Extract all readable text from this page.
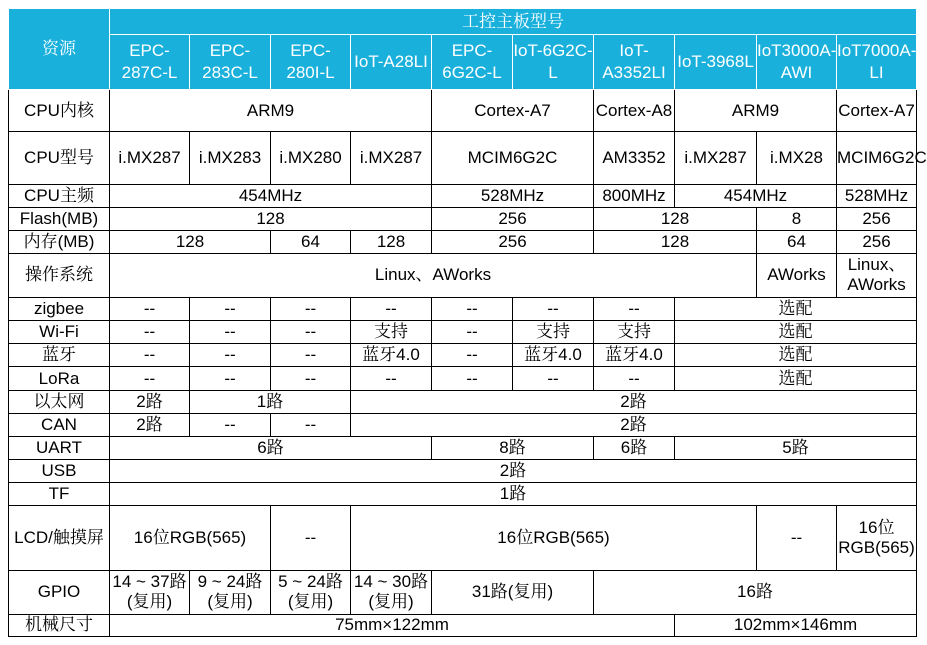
资源	工控主板型号									
	EPC-287C-L	EPC-283C-L	EPC-280I-L	IoT-A28LI	EPC-6G2C-L	IoT-6G2C-L	IoT-A3352LI	IoT-3968L	IoT3000A-AWI	IoT7000A-LI
CPU内核	ARM9				Cortex-A7		Cortex-A8	ARM9		Cortex-A7
CPU型号	i.MX287	i.MX283	i.MX280	i.MX287	MCIM6G2C		AM3352	i.MX287	i.MX28	MCIM6G2C
CPU主频	454MHz				528MHz		800MHz	454MHz		528MHz
Flash(MB)	128				256		128		8	256
内存(MB)	128		64	128	256		128		64	256
操作系统	Linux、AWorks								AWorks	Linux、AWorks
zigbee	--	--	--	--	--	--	--	选配		
Wi-Fi	--	--	--	支持	--	支持	支持	选配		
蓝牙	--	--	--	蓝牙4.0	--	蓝牙4.0	蓝牙4.0	选配		
LoRa	--	--	--	--	--	--	--	选配		
以太网	2路	1路		2路						
CAN	2路	--	--	2路						
UART	6路				8路		6路	5路		
USB	2路									
TF	1路									
LCD/触摸屏	16位RGB(565)		--	16位RGB(565)					--	16位RGB(565)
GPIO	14 ~ 37路(复用)	9 ~ 24路(复用)	5 ~ 24路(复用)	14 ~ 30路(复用)	31路(复用)		16路			
机械尺寸	75mm×122mm							102mm×146mm		
